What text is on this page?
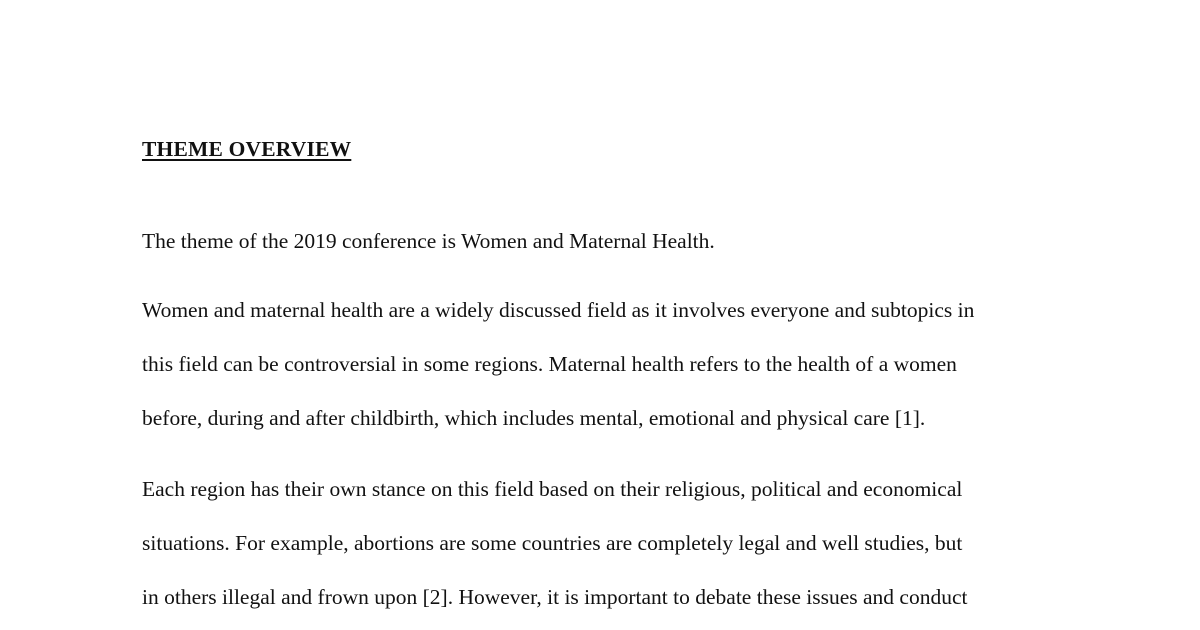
THEME OVERVIEW

The theme of the 2019 conference is Women and Maternal Health.

Women and maternal health are a widely discussed field as it involves everyone and subtopics in

this field can be controversial in some regions. Maternal health refers to the health of a women

before, during and after childbirth, which includes mental, emotional and physical care [1].

Each region has their own stance on this field based on their religious, political and economical

situations. For example, abortions are some countries are completely legal and well studies, but

in others illegal and frown upon [2]. However, it is important to debate these issues and conduct
